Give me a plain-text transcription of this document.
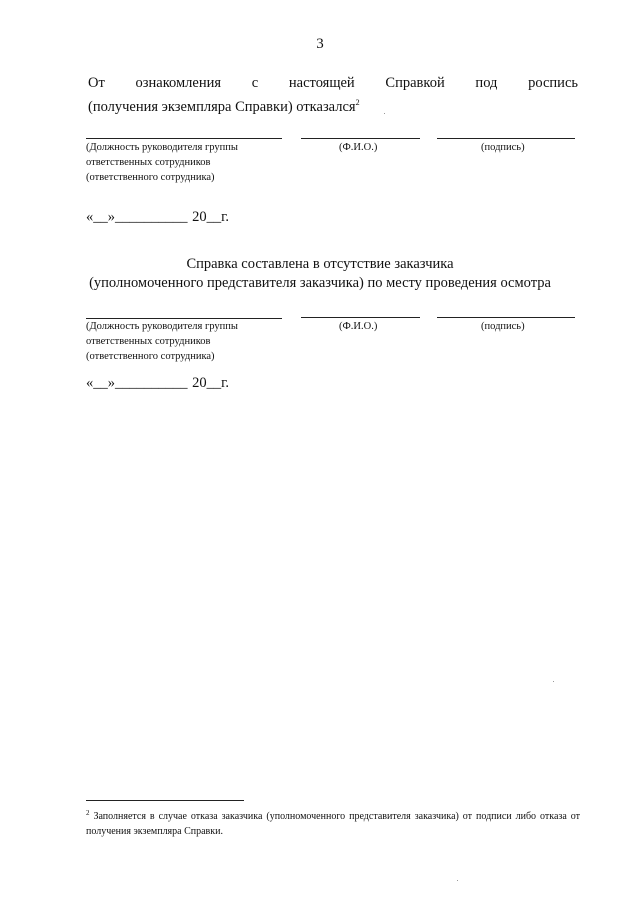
3
От ознакомления с настоящей Справкой под роспись
(получения экземпляра Справки) отказался$^2$
(Должность руководителя группы
ответственных сотрудников
(ответственного сотрудника)
(Ф.И.О.)	(подпись)
«__»__________ 20__г.
Справка составлена в отсутствие заказчика
(уполномоченного представителя заказчика) по месту проведения осмотра
(Должность руководителя группы
ответственных сотрудников
(ответственного сотрудника)
(Ф.И.О.)	(подпись)
«__»__________ 20__г.
$^2$ Заполняется в случае отказа заказчика (уполномоченного представителя заказчика) от подписи либо отказа от получения экземпляра Справки.
